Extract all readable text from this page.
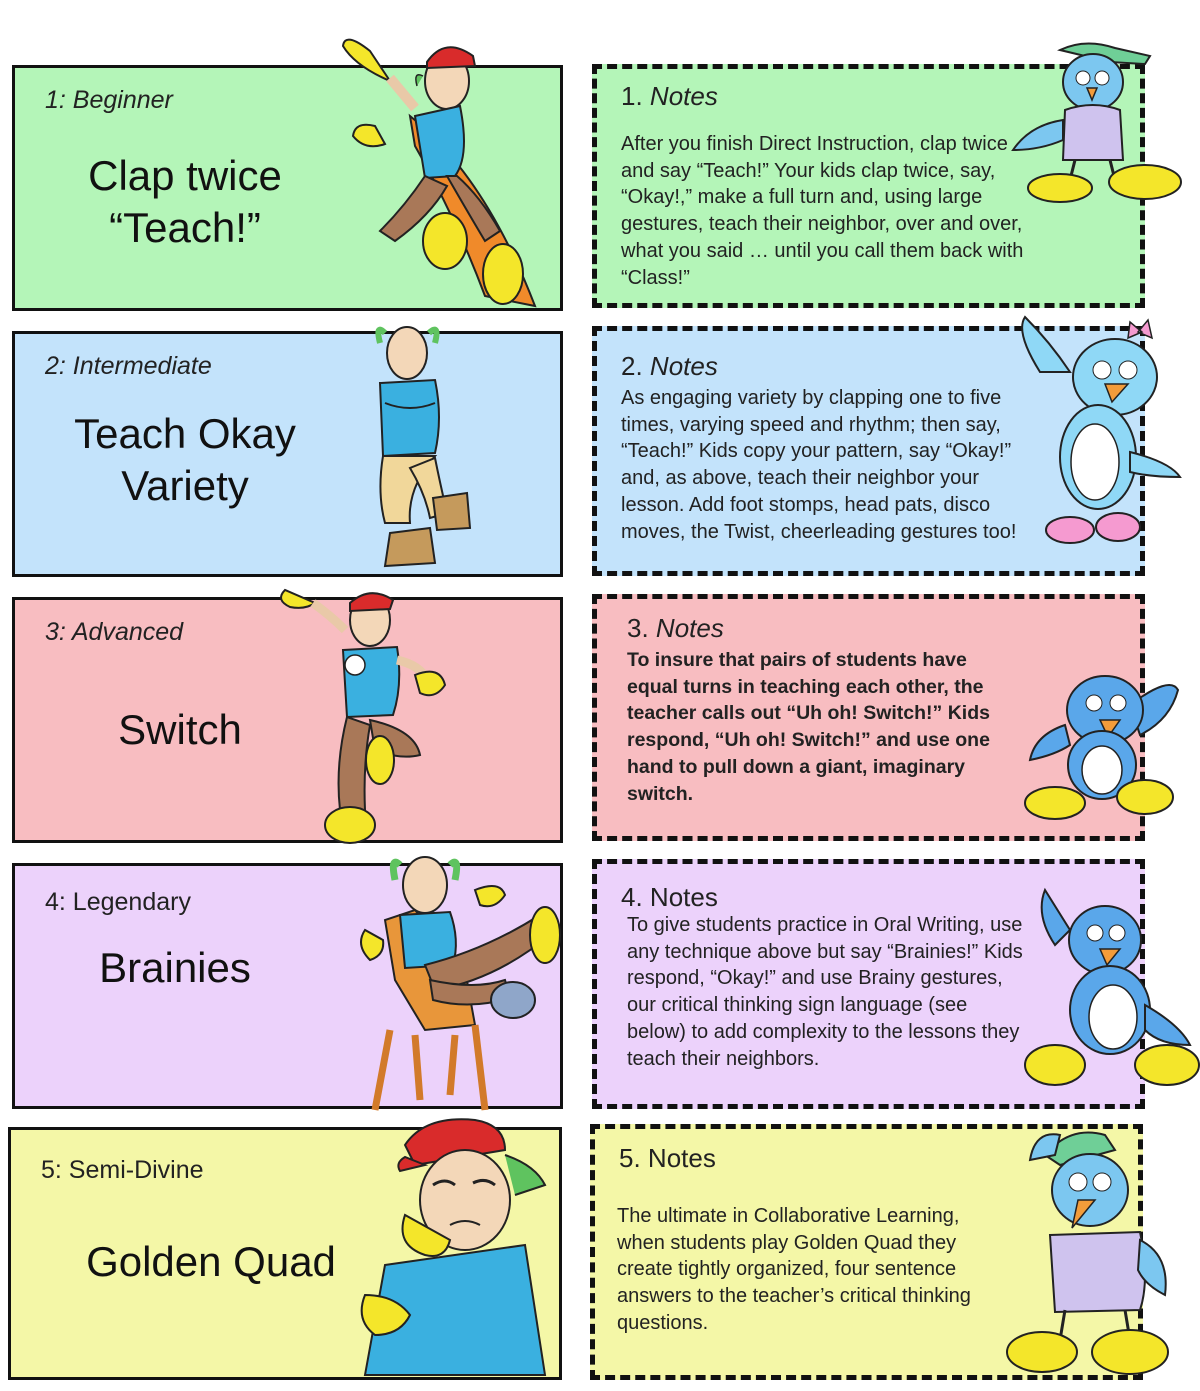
1: Beginner
Clap twice
“Teach!”
1. Notes
After you finish Direct Instruction, clap twice and say “Teach!” Your kids clap twice, say, “Okay!,” make a full turn and, using large gestures, teach their neighbor, over and over, what you said … until you call them back with “Class!”
2: Intermediate
Teach Okay
Variety
2. Notes
As engaging variety by clapping one to five times, varying speed and rhythm; then say, “Teach!” Kids copy your pattern, say “Okay!” and, as above, teach their neighbor your lesson. Add foot stomps, head pats, disco moves, the Twist, cheerleading gestures too!
3: Advanced
Switch
3. Notes
To insure that pairs of students have equal turns in teaching each other, the teacher calls out “Uh oh! Switch!” Kids respond, “Uh oh! Switch!” and use one hand to pull down a giant, imaginary switch.
4: Legendary
Brainies
4. Notes
To give students practice in Oral Writing, use any technique above but say “Brainies!” Kids respond, “Okay!” and use Brainy gestures, our critical thinking sign language (see below) to add complexity to the lessons they teach their neighbors.
5: Semi-Divine
Golden Quad
5. Notes
The ultimate in Collaborative Learning, when students play Golden Quad they create tightly organized, four sentence answers to the teacher’s critical thinking questions.
